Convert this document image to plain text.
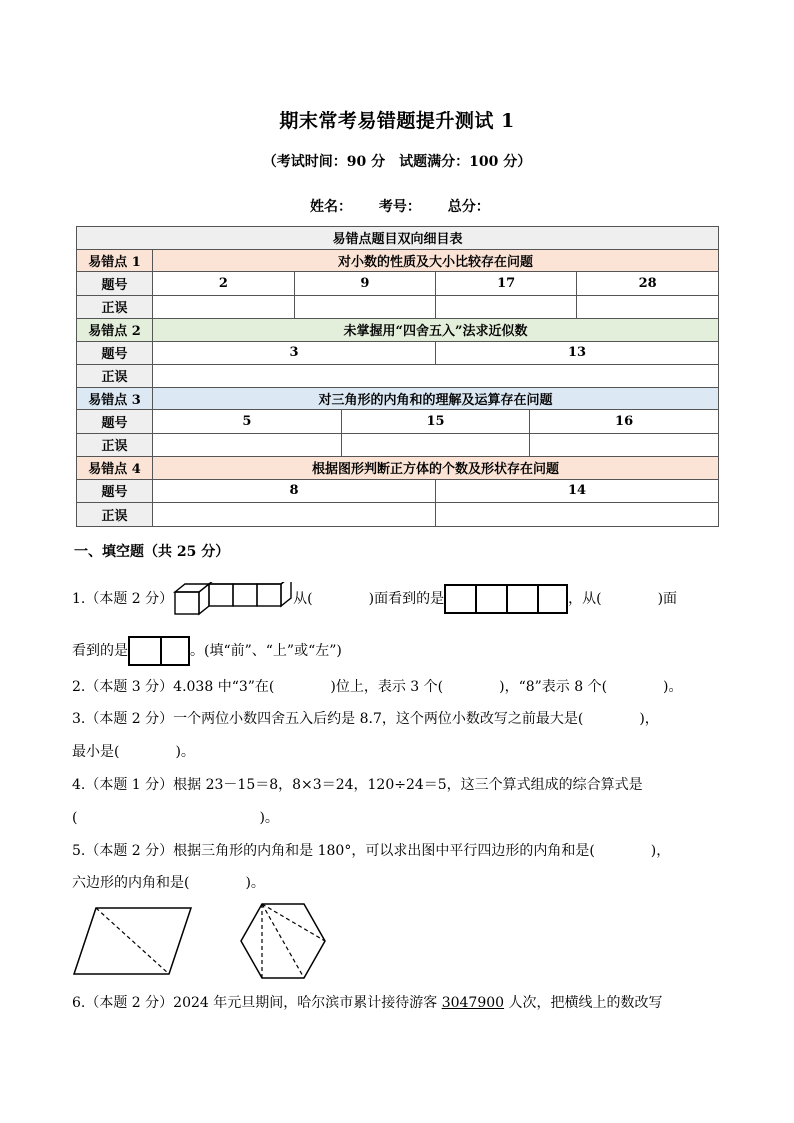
期末常考易错题提升测试 1
（考试时间：90 分　试题满分：100 分）
姓名： 考号： 总分：
易错点题目双向细目表
易错点 1	对小数的性质及大小比较存在问题
题号		2	9	17	28

正误	

易错点 2	未掌握用“四舍五入”法求近似数
题号		3	13

正误	
易错点 3	对三角形的内角和的理解及运算存在问题
题号		5	15	16

正误	

易错点 4	根据图形判断正方体的个数及形状存在问题
题号		8	14

正误	

一、填空题（共 25 分）
1.（本题 2 分）	从(　　　　)面看到的是	，从(　　　　)面
看到的是	。(填“前”、“上”或“左”)
2.（本题 3 分）4.038 中“3”在(　　　　)位上，表示 3 个(　　　　)，“8”表示 8 个(　　　　)。
3.（本题 2 分）一个两位小数四舍五入后约是 8.7，这个两位小数改写之前最大是(　　　　)，
最小是(　　　　)。
4.（本题 1 分）根据 23－15＝8，8×3＝24，120÷24＝5，这三个算式组成的综合算式是
(　　　　　　　　　　　　　)。
5.（本题 2 分）根据三角形的内角和是 180°，可以求出图中平行四边形的内角和是(　　　　)，
六边形的内角和是(　　　　)。
6.（本题 2 分）2024 年元旦期间，哈尔滨市累计接待游客 3047900 人次，把横线上的数改写
